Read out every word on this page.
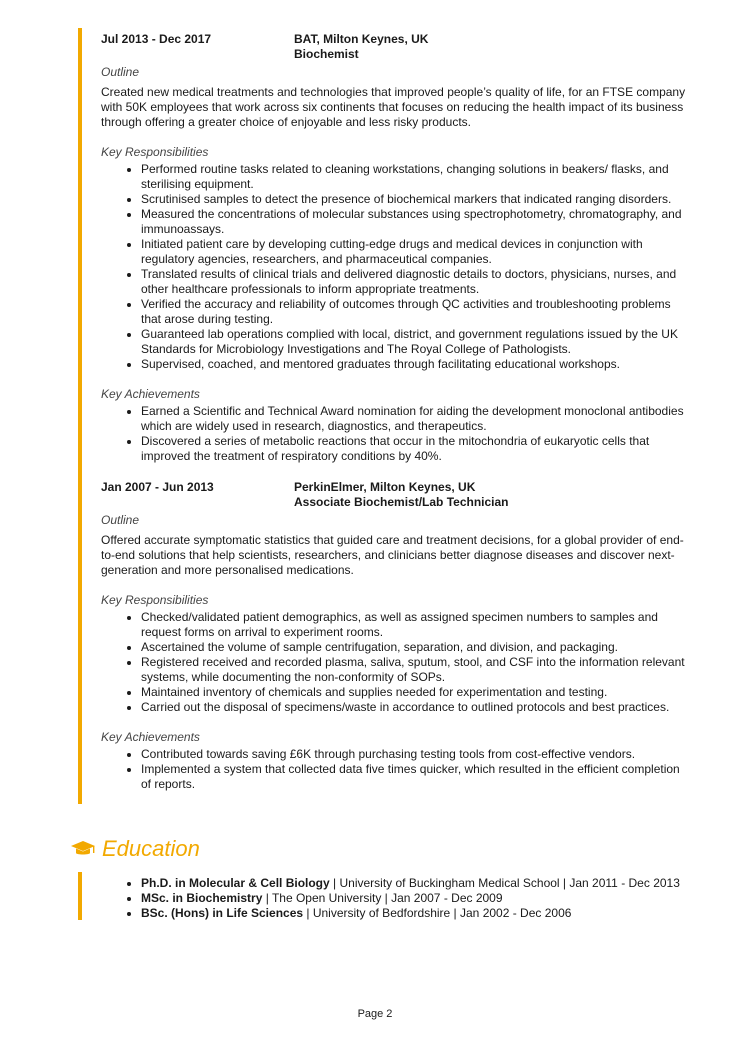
Jul 2013 - Dec 2017	BAT, Milton Keynes, UK
Biochemist
Outline

Created new medical treatments and technologies that improved people’s quality of life, for an FTSE company with 50K employees that work across six continents that focuses on reducing the health impact of its business through offering a greater choice of enjoyable and less risky products.

Key Responsibilities
• Performed routine tasks related to cleaning workstations, changing solutions in beakers/ flasks, and sterilising equipment.
• Scrutinised samples to detect the presence of biochemical markers that indicated ranging disorders.
• Measured the concentrations of molecular substances using spectrophotometry, chromatography, and immunoassays.
• Initiated patient care by developing cutting-edge drugs and medical devices in conjunction with regulatory agencies, researchers, and pharmaceutical companies.
• Translated results of clinical trials and delivered diagnostic details to doctors, physicians, nurses, and other healthcare professionals to inform appropriate treatments.
• Verified the accuracy and reliability of outcomes through QC activities and troubleshooting problems that arose during testing.
• Guaranteed lab operations complied with local, district, and government regulations issued by the UK Standards for Microbiology Investigations and The Royal College of Pathologists.
• Supervised, coached, and mentored graduates through facilitating educational workshops.
Key Achievements
• Earned a Scientific and Technical Award nomination for aiding the development monoclonal antibodies which are widely used in research, diagnostics, and therapeutics.
• Discovered a series of metabolic reactions that occur in the mitochondria of eukaryotic cells that improved the treatment of respiratory conditions by 40%.
Jan 2007 - Jun 2013	PerkinElmer, Milton Keynes, UK
Associate Biochemist/Lab Technician
Outline

Offered accurate symptomatic statistics that guided care and treatment decisions, for a global provider of end-to-end solutions that help scientists, researchers, and clinicians better diagnose diseases and discover next-generation and more personalised medications.

Key Responsibilities
• Checked/validated patient demographics, as well as assigned specimen numbers to samples and request forms on arrival to experiment rooms.
• Ascertained the volume of sample centrifugation, separation, and division, and packaging.
• Registered received and recorded plasma, saliva, sputum, stool, and CSF into the information relevant systems, while documenting the non-conformity of SOPs.
• Maintained inventory of chemicals and supplies needed for experimentation and testing.
• Carried out the disposal of specimens/waste in accordance to outlined protocols and best practices.
Key Achievements
• Contributed towards saving £6K through purchasing testing tools from cost-effective vendors.
• Implemented a system that collected data five times quicker, which resulted in the efficient completion of reports.
Education
• Ph.D. in Molecular & Cell Biology | University of Buckingham Medical School | Jan 2011 - Dec 2013
• MSc. in Biochemistry | The Open University | Jan 2007 - Dec 2009
• BSc. (Hons) in Life Sciences | University of Bedfordshire | Jan 2002 - Dec 2006
Page 2
